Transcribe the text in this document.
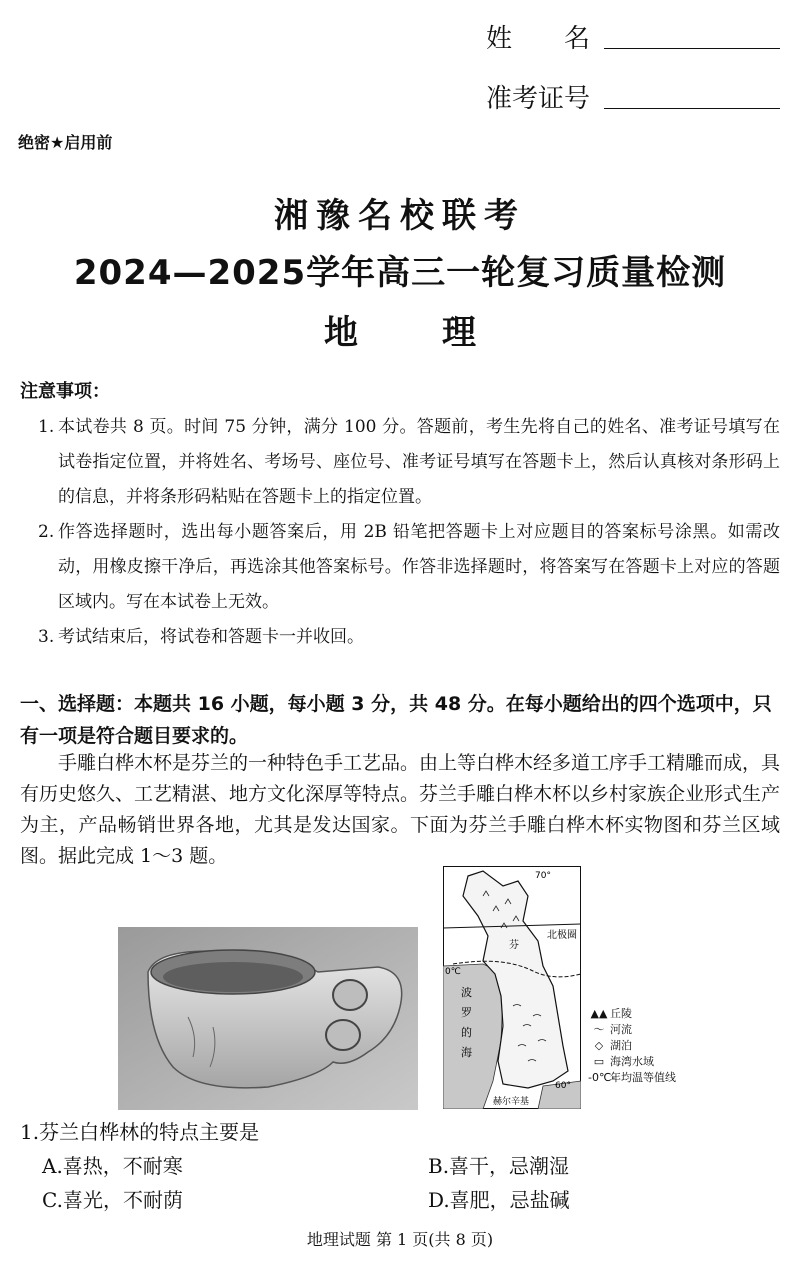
姓　　名
准考证号
绝密★启用前
湘豫名校联考
2024—2025学年高三一轮复习质量检测
地 理
注意事项：
1. 本试卷共 8 页。时间 75 分钟，满分 100 分。答题前，考生先将自己的姓名、准考证号填写在试卷指定位置，并将姓名、考场号、座位号、准考证号填写在答题卡上，然后认真核对条形码上的信息，并将条形码粘贴在答题卡上的指定位置。
2. 作答选择题时，选出每小题答案后，用 2B 铅笔把答题卡上对应题目的答案标号涂黑。如需改动，用橡皮擦干净后，再选涂其他答案标号。作答非选择题时，将答案写在答题卡上对应的答题区域内。写在本试卷上无效。
3. 考试结束后，将试卷和答题卡一并收回。
一、选择题：本题共 16 小题，每小题 3 分，共 48 分。在每小题给出的四个选项中，只有一项是符合题目要求的。
手雕白桦木杯是芬兰的一种特色手工艺品。由上等白桦木经多道工序手工精雕而成，具有历史悠久、工艺精湛、地方文化深厚等特点。芬兰手雕白桦木杯以乡村家族企业形式生产为主，产品畅销世界各地，尤其是发达国家。下面为芬兰手雕白桦木杯实物图和芬兰区域图。据此完成 1～3 题。
70°
北极圈
0℃
芬
波
罗
的
海
60°
赫尔辛基
▲▲ 丘陵
〜 河流
◇ 湖泊
▭ 海湾水域
-0℃-
年均温等值线
1.芬兰白桦林的特点主要是
A.喜热，不耐寒	B.喜干，忌潮湿
C.喜光，不耐荫	D.喜肥，忌盐碱
地理试题 第 1 页(共 8 页)
